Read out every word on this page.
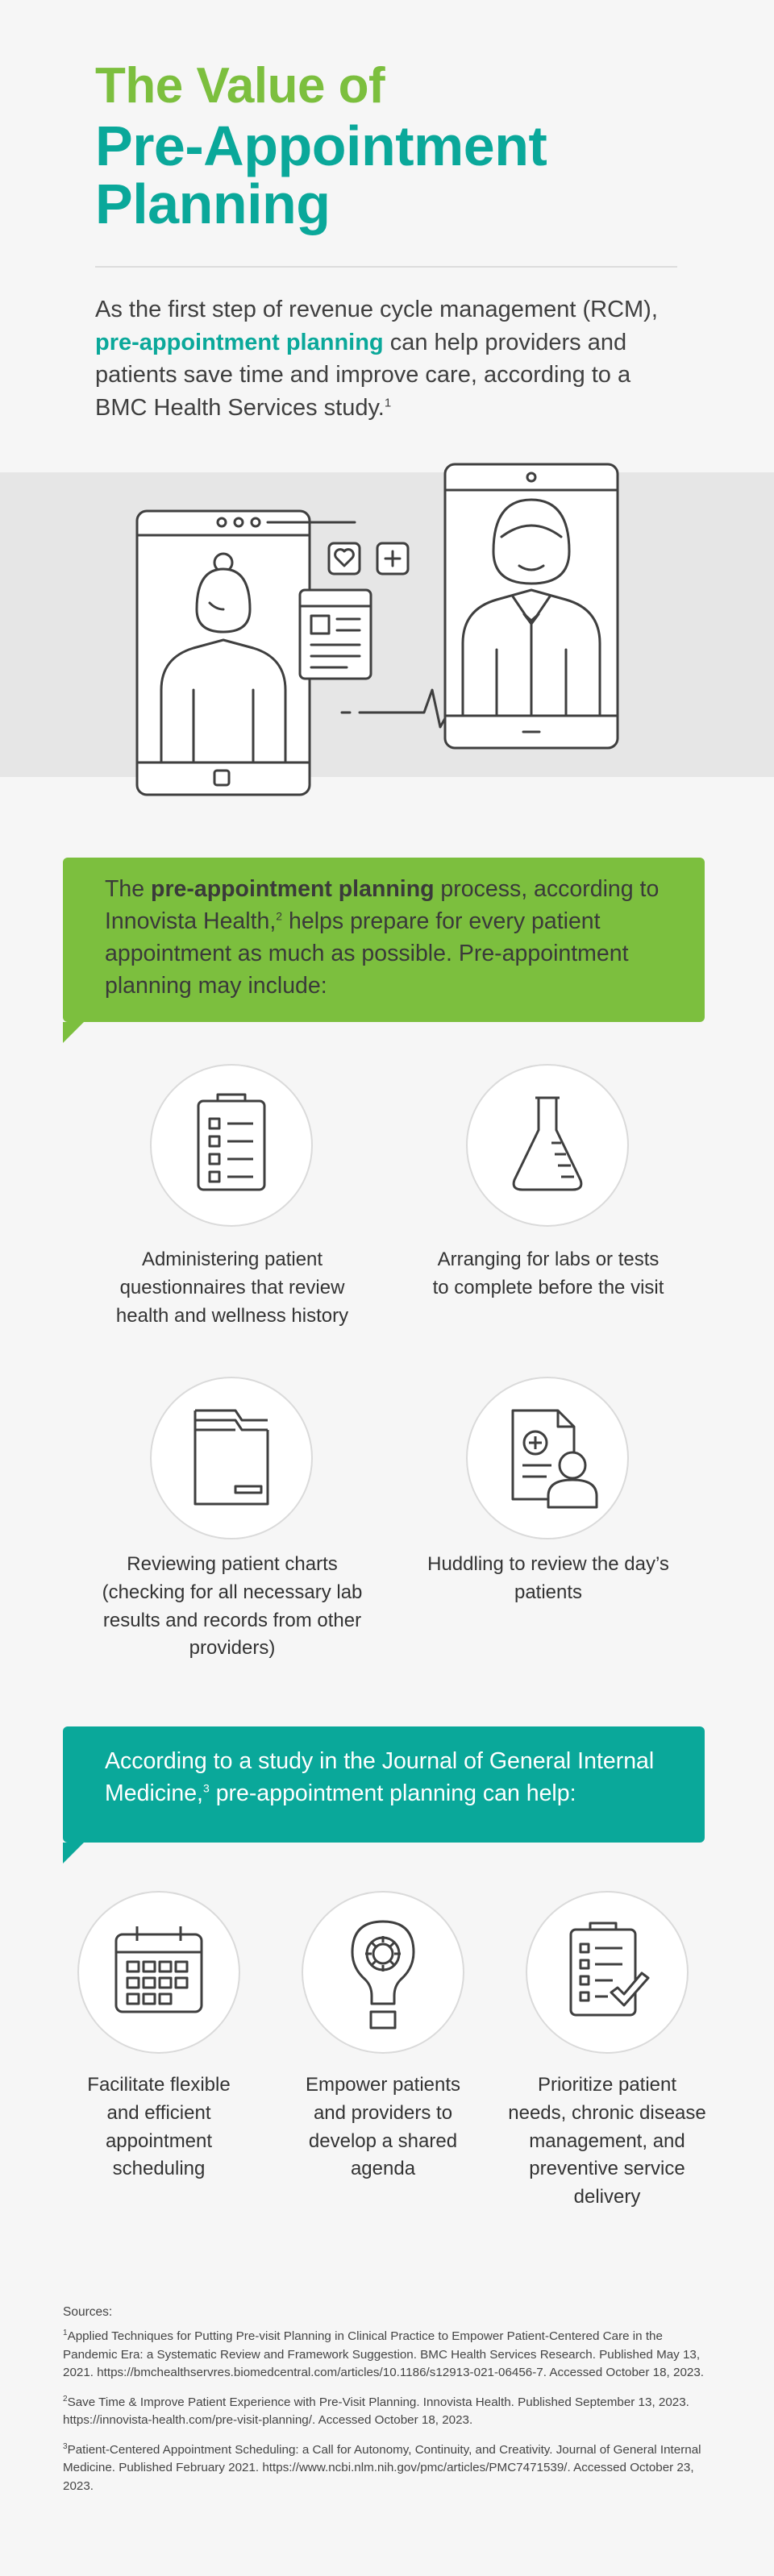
The Value of
Pre-Appointment
Planning

As the first step of revenue cycle management (RCM), pre-appointment planning can help providers and patients save time and improve care, according to a BMC Health Services study.$^1$

The pre-appointment planning process, according to Innovista Health,$^2$ helps prepare for every patient appointment as much as possible. Pre-appointment planning may include:

Administering patient questionnaires that review health and wellness history

Arranging for labs or tests to complete before the visit

Reviewing patient charts (checking for all necessary lab results and records from other providers)

Huddling to review the day’s patients

According to a study in the Journal of General Internal Medicine,$^3$ pre-appointment planning can help:

Facilitate flexible and efficient appointment scheduling

Empower patients and providers to develop a shared agenda

Prioritize patient needs, chronic disease management, and preventive service delivery

Sources:

$^1$Applied Techniques for Putting Pre-visit Planning in Clinical Practice to Empower Patient-Centered Care in the Pandemic Era: a Systematic Review and Framework Suggestion. BMC Health Services Research. Published May 13, 2021. https://bmchealthservres.biomedcentral.com/articles/10.1186/s12913-021-06456-7. Accessed October 18, 2023.

$^2$Save Time & Improve Patient Experience with Pre-Visit Planning. Innovista Health. Published September 13, 2023. https://innovista-health.com/pre-visit-planning/. Accessed October 18, 2023.

$^3$Patient-Centered Appointment Scheduling: a Call for Autonomy, Continuity, and Creativity. Journal of General Internal Medicine. Published February 2021. https://www.ncbi.nlm.nih.gov/pmc/articles/PMC7471539/. Accessed October 23, 2023.
